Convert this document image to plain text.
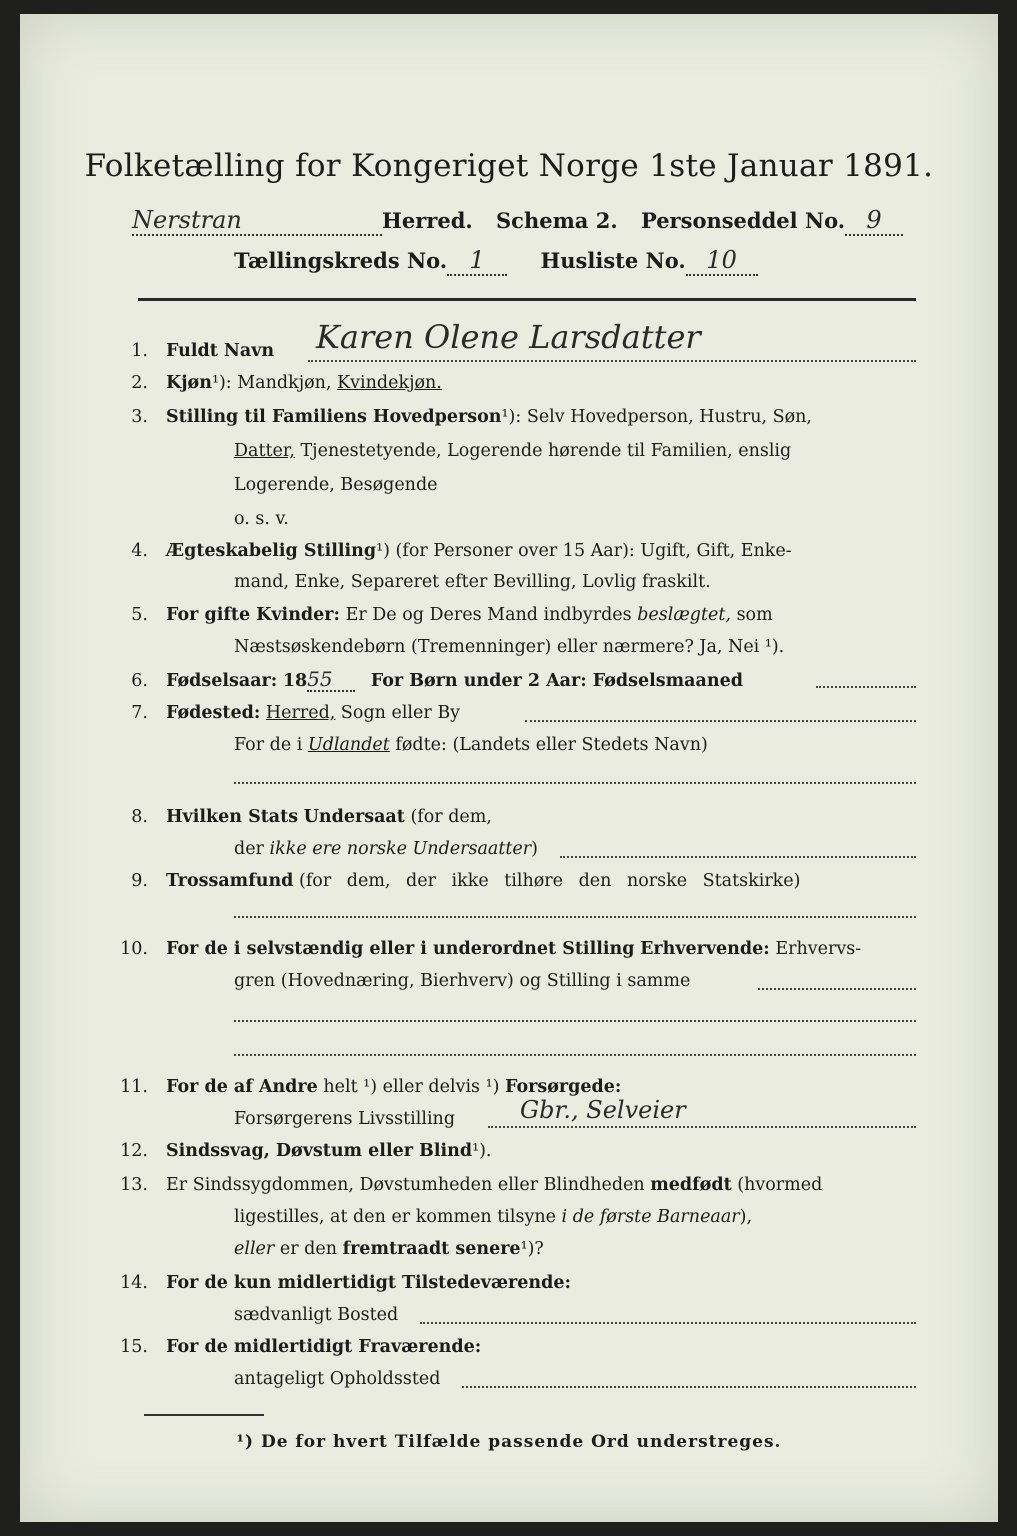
Folketælling for Kongeriget Norge 1ste Januar 1891.
Nerstran	Herred. Schema 2. Personseddel No. 9
Tællingskreds No. 1	Husliste No. 10
1. Fuldt Navn Karen Olene Larsdatter
2. Kjøn¹): Mandkjøn, Kvindekjøn.
3. Stilling til Familiens Hovedperson¹): Selv Hovedperson, Hustru, Søn,
Datter, Tjenestetyende, Logerende hørende til Familien, enslig
Logerende, Besøgende
o. s. v.
4. Ægteskabelig Stilling¹) (for Personer over 15 Aar): Ugift, Gift, Enke-
mand, Enke, Separeret efter Bevilling, Lovlig fraskilt.
5. For gifte Kvinder: Er De og Deres Mand indbyrdes beslægtet, som
Næstsøskendebørn (Tremenninger) eller nærmere? Ja, Nei ¹).
6. Fødselsaar: 1855 For Børn under 2 Aar: Fødselsmaaned
7. Fødested: Herred, Sogn eller By
For de i Udlandet fødte: (Landets eller Stedets Navn)
8. Hvilken Stats Undersaat (for dem,
der ikke ere norske Undersaatter)
9. Trossamfund (for dem, der ikke tilhøre den norske Statskirke)
10. For de i selvstændig eller i underordnet Stilling Erhvervende: Erhvervs-
gren (Hovednæring, Bierhverv) og Stilling i samme
11. For de af Andre helt ¹) eller delvis ¹) Forsørgede:
Forsørgerens Livsstilling	Gbr., Selveier
12. Sindssvag, Døvstum eller Blind¹).
13. Er Sindssygdommen, Døvstumheden eller Blindheden medfødt (hvormed
ligestilles, at den er kommen tilsyne i de første Barneaar),
eller er den fremtraadt senere¹)?
14. For de kun midlertidigt Tilstedeværende:
sædvanligt Bosted
15. For de midlertidigt Fraværende:
antageligt Opholdssted
¹) De for hvert Tilfælde passende Ord understreges.
